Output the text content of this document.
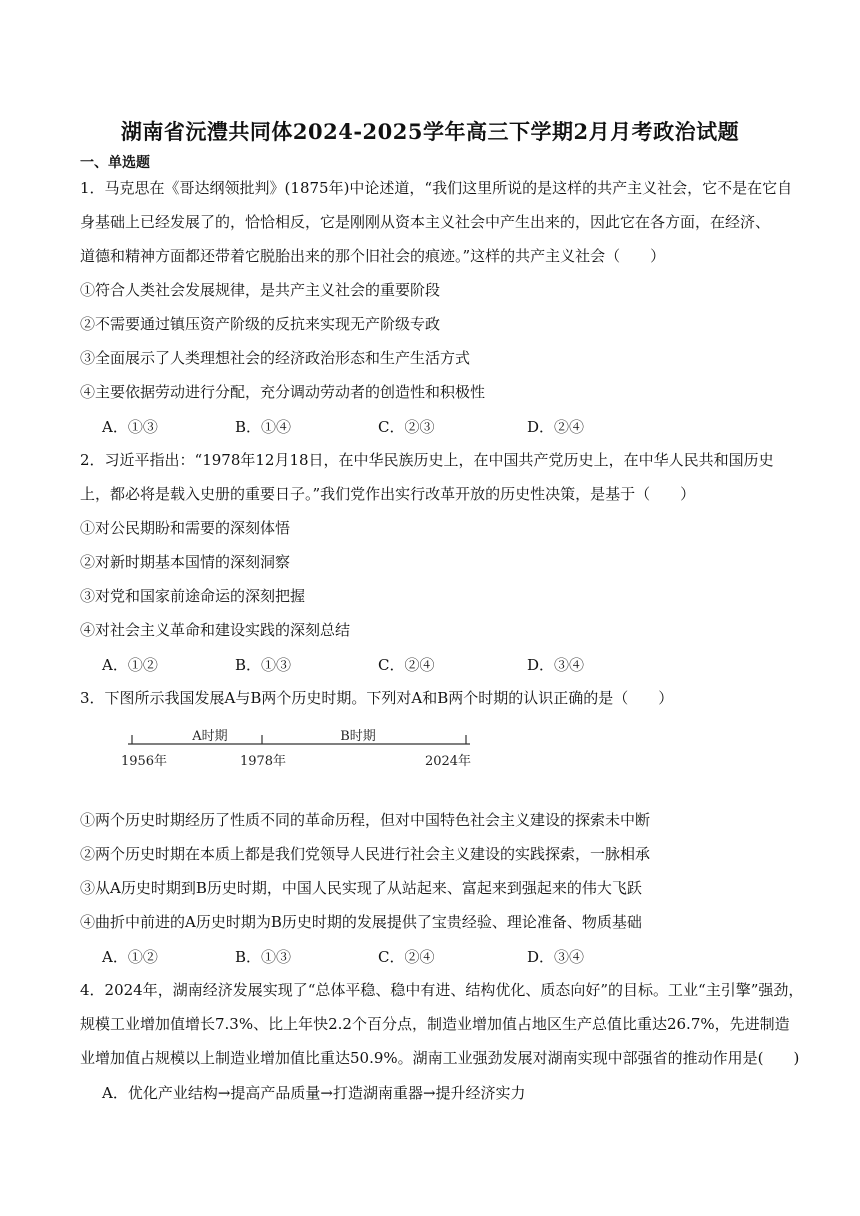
湖南省沅澧共同体2024-2025学年高三下学期2月月考政治试题
一、单选题
1．马克思在《哥达纲领批判》(1875年)中论述道，“我们这里所说的是这样的共产主义社会，它不是在它自
身基础上已经发展了的，恰恰相反，它是刚刚从资本主义社会中产生出来的，因此它在各方面，在经济、
道德和精神方面都还带着它脱胎出来的那个旧社会的痕迹。”这样的共产主义社会（　　）
①符合人类社会发展规律，是共产主义社会的重要阶段
②不需要通过镇压资产阶级的反抗来实现无产阶级专政
③全面展示了人类理想社会的经济政治形态和生产生活方式
④主要依据劳动进行分配，充分调动劳动者的创造性和积极性
A．①③	B．①④	C．②③	D．②④
2．习近平指出：“1978年12月18日，在中华民族历史上，在中国共产党历史上，在中华人民共和国历史
上，都必将是载入史册的重要日子。”我们党作出实行改革开放的历史性决策，是基于（　　）
①对公民期盼和需要的深刻体悟
②对新时期基本国情的深刻洞察
③对党和国家前途命运的深刻把握
④对社会主义革命和建设实践的深刻总结
A．①②	B．①③	C．②④	D．③④
3．下图所示我国发展A与B两个历史时期。下列对A和B两个时期的认识正确的是（　　）
A时期	B时期
1956年	1978年	2024年
①两个历史时期经历了性质不同的革命历程，但对中国特色社会主义建设的探索未中断
②两个历史时期在本质上都是我们党领导人民进行社会主义建设的实践探索，一脉相承
③从A历史时期到B历史时期，中国人民实现了从站起来、富起来到强起来的伟大飞跃
④曲折中前进的A历史时期为B历史时期的发展提供了宝贵经验、理论准备、物质基础
A．①②	B．①③	C．②④	D．③④
4．2024年，湖南经济发展实现了“总体平稳、稳中有进、结构优化、质态向好”的目标。工业“主引擎”强劲，
规模工业增加值增长7.3%、比上年快2.2个百分点，制造业增加值占地区生产总值比重达26.7%，先进制造
业增加值占规模以上制造业增加值比重达50.9%。湖南工业强劲发展对湖南实现中部强省的推动作用是(　　)
A．优化产业结构→提高产品质量→打造湖南重器→提升经济实力
